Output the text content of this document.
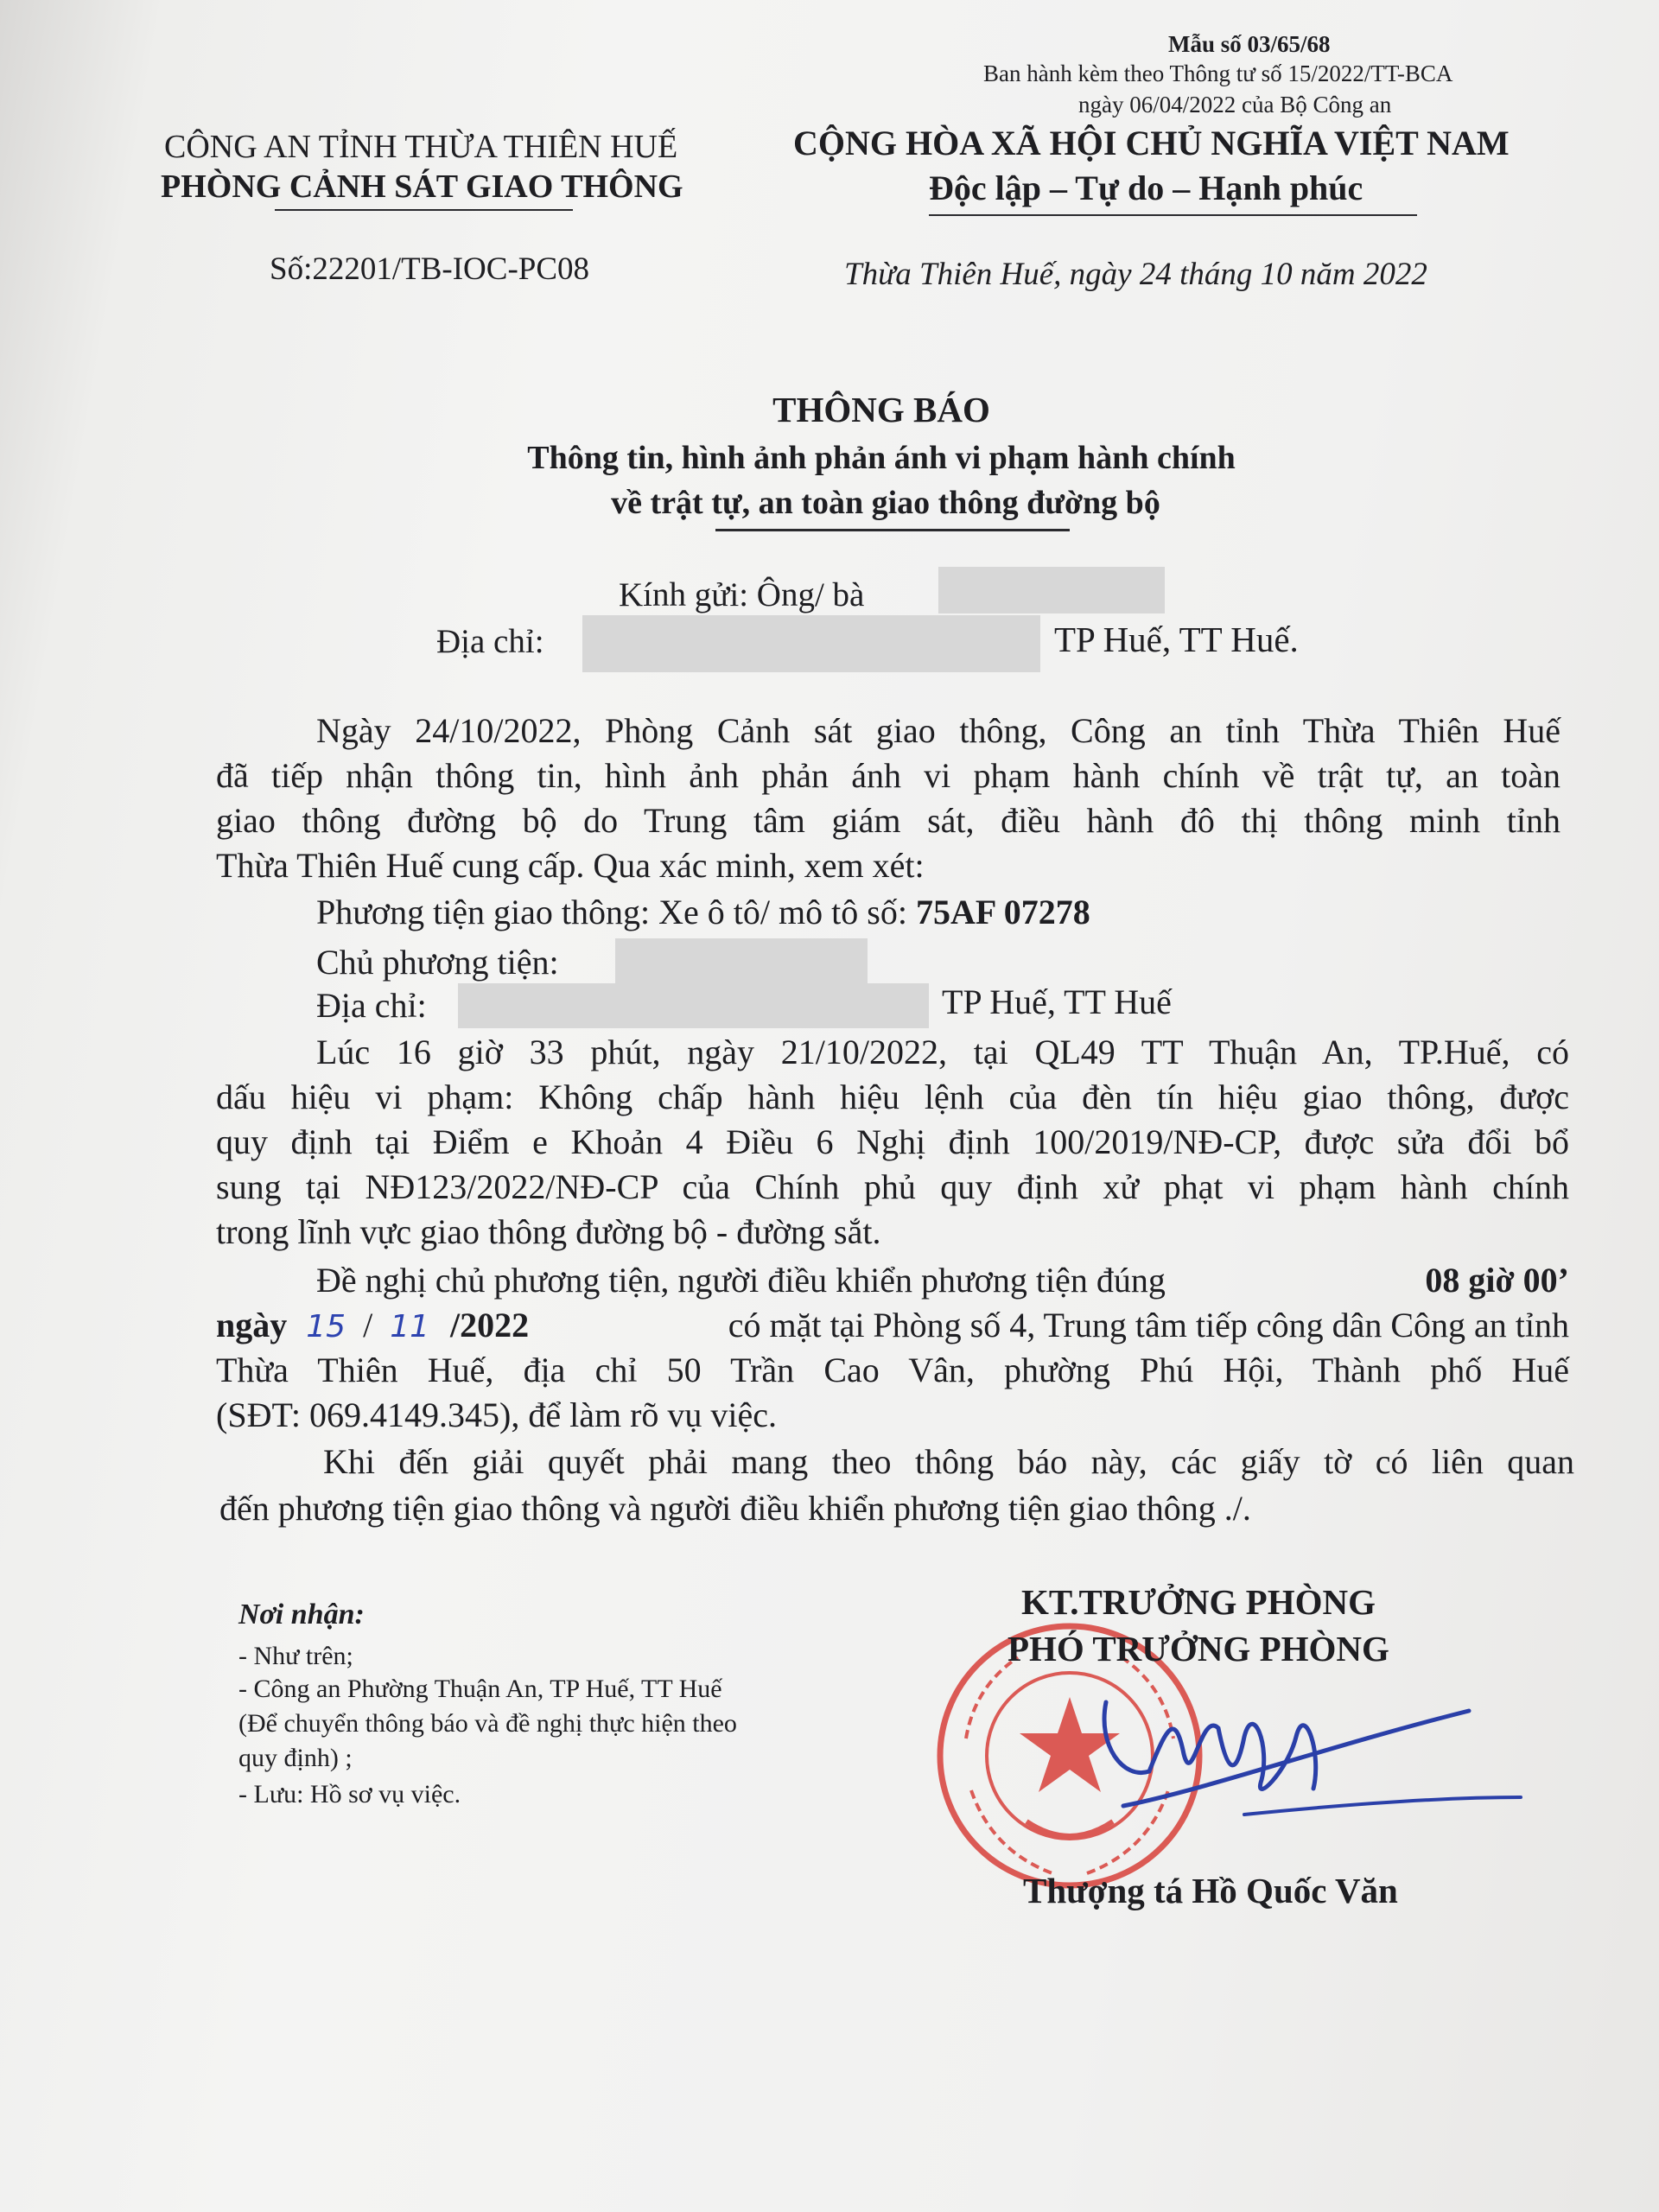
Mẫu số 03/65/68
Ban hành kèm theo Thông tư số 15/2022/TT-BCA
ngày 06/04/2022 của Bộ Công an
CÔNG AN TỈNH THỪA THIÊN HUẾ
PHÒNG CẢNH SÁT GIAO THÔNG
Số:22201/TB-IOC-PC08
CỘNG HÒA XÃ HỘI CHỦ NGHĨA VIỆT NAM
Độc lập – Tự do – Hạnh phúc
Thừa Thiên Huế, ngày 24 tháng 10 năm 2022
THÔNG BÁO
Thông tin, hình ảnh phản ánh vi phạm hành chính
về trật tự, an toàn giao thông đường bộ
Kính gửi: Ông/ bà
Địa chỉ:	TP Huế, TT Huế.
Ngày 24/10/2022, Phòng Cảnh sát giao thông, Công an tỉnh Thừa Thiên Huế
đã tiếp nhận thông tin, hình ảnh phản ánh vi phạm hành chính về trật tự, an toàn
giao thông đường bộ do Trung tâm giám sát, điều hành đô thị thông minh tỉnh
Thừa Thiên Huế cung cấp. Qua xác minh, xem xét:
Phương tiện giao thông: Xe ô tô/ mô tô số: 75AF 07278
Chủ phương tiện:
Địa chỉ:	TP Huế, TT Huế
Lúc 16 giờ 33 phút, ngày 21/10/2022, tại QL49 TT Thuận An, TP.Huế, có
dấu hiệu vi phạm: Không chấp hành hiệu lệnh của đèn tín hiệu giao thông, được
quy định tại Điểm e Khoản 4 Điều 6 Nghị định 100/2019/NĐ-CP, được sửa đổi bổ
sung tại NĐ123/2022/NĐ-CP của Chính phủ quy định xử phạt vi phạm hành chính
trong lĩnh vực giao thông đường bộ - đường sắt.
Đề nghị chủ phương tiện, người điều khiển phương tiện đúng	08 giờ 00’
ngày 15 / 11 /2022	có mặt tại Phòng số 4, Trung tâm tiếp công dân Công an tỉnh
Thừa Thiên Huế, địa chỉ 50 Trần Cao Vân, phường Phú Hội, Thành phố Huế
(SĐT: 069.4149.345), để làm rõ vụ việc.
Khi đến giải quyết phải mang theo thông báo này, các giấy tờ có liên quan
đến phương tiện giao thông và người điều khiển phương tiện giao thông ./.
Nơi nhận:
- Như trên;
- Công an Phường Thuận An, TP Huế, TT Huế
(Để chuyển thông báo và đề nghị thực hiện theo
quy định) ;
- Lưu: Hồ sơ vụ việc.
KT.TRƯỞNG PHÒNG
PHÓ TRƯỞNG PHÒNG
Thượng tá Hồ Quốc Văn
